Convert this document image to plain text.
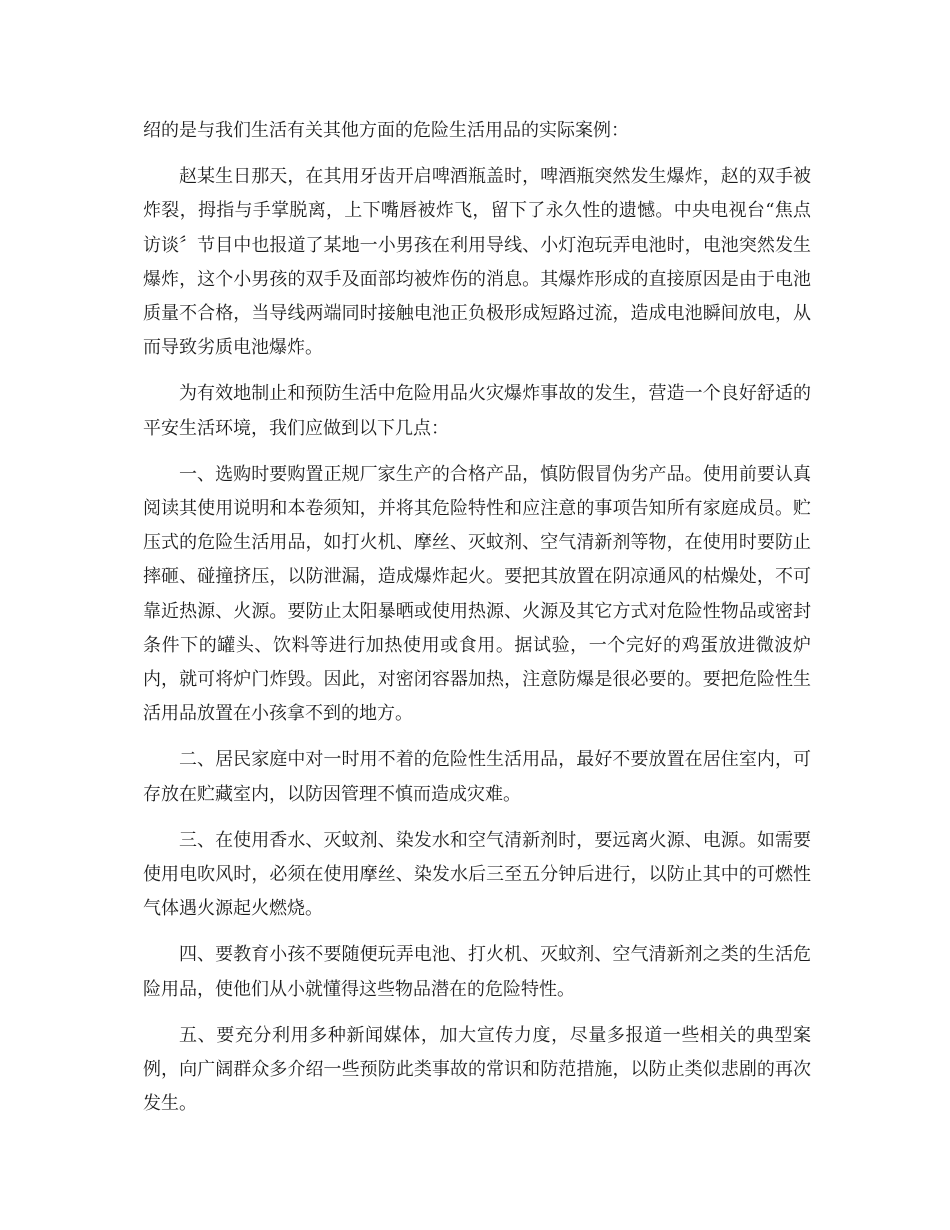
绍的是与我们生活有关其他方面的危险生活用品的实际案例：

赵某生日那天，在其用牙齿开启啤酒瓶盖时，啤酒瓶突然发生爆炸，赵的双手被炸裂，拇指与手掌脱离，上下嘴唇被炸飞，留下了永久性的遗憾。中央电视台“焦点访谈〞节目中也报道了某地一小男孩在利用导线、小灯泡玩弄电池时，电池突然发生爆炸，这个小男孩的双手及面部均被炸伤的消息。其爆炸形成的直接原因是由于电池质量不合格，当导线两端同时接触电池正负极形成短路过流，造成电池瞬间放电，从而导致劣质电池爆炸。

为有效地制止和预防生活中危险用品火灾爆炸事故的发生，营造一个良好舒适的平安生活环境，我们应做到以下几点：

一、选购时要购置正规厂家生产的合格产品，慎防假冒伪劣产品。使用前要认真阅读其使用说明和本卷须知，并将其危险特性和应注意的事项告知所有家庭成员。贮压式的危险生活用品，如打火机、摩丝、灭蚊剂、空气清新剂等物，在使用时要防止摔砸、碰撞挤压，以防泄漏，造成爆炸起火。要把其放置在阴凉通风的枯燥处，不可靠近热源、火源。要防止太阳暴晒或使用热源、火源及其它方式对危险性物品或密封条件下的罐头、饮料等进行加热使用或食用。据试验，一个完好的鸡蛋放进微波炉内，就可将炉门炸毁。因此，对密闭容器加热，注意防爆是很必要的。要把危险性生活用品放置在小孩拿不到的地方。

二、居民家庭中对一时用不着的危险性生活用品，最好不要放置在居住室内，可存放在贮藏室内，以防因管理不慎而造成灾难。

三、在使用香水、灭蚊剂、染发水和空气清新剂时，要远离火源、电源。如需要使用电吹风时，必须在使用摩丝、染发水后三至五分钟后进行，以防止其中的可燃性气体遇火源起火燃烧。

四、要教育小孩不要随便玩弄电池、打火机、灭蚊剂、空气清新剂之类的生活危险用品，使他们从小就懂得这些物品潜在的危险特性。

五、要充分利用多种新闻媒体，加大宣传力度，尽量多报道一些相关的典型案例，向广阔群众多介绍一些预防此类事故的常识和防范措施，以防止类似悲剧的再次发生。
